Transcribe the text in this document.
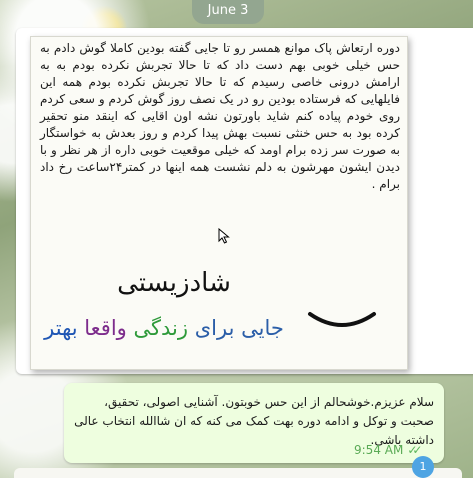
June 3
دوره ارتعاش پاک موانع همسر رو تا جایی گفته بودین کاملا گوش دادم به حس خیلی خوبی بهم دست داد که تا حالا تجربش نکرده بودم به به ارامش درونی خاصی رسیدم که تا حالا تجربش نکرده بودم همه این فایلهایی که فرستاده بودین رو در یک نصف روز گوش کردم و سعی کردم روی خودم پیاده کنم شاید باورتون نشه اون اقایی که اینقد منو تحقیر کرده بود به حس خنثی نسبت بهش پیدا کردم و روز بعدش به خواستگار به صورت سر زده برام اومد که خیلی موقعیت خوبی داره از هر نظر و با دیدن ایشون مهرشون به دلم نشست همه اینها در کمتر۲۴ساعت رخ داد برام .
شادزیستی
جایی برای زندگی واقعا بهتر
سلام عزیزم.خوشحالم از این حس خوبتون. آشنایی اصولی، تحقیق، صحبت و توکل و ادامه دوره بهت کمک می کنه که ان شاالله انتخاب عالی داشته باشی.
9:54 AM ✓✓
1
